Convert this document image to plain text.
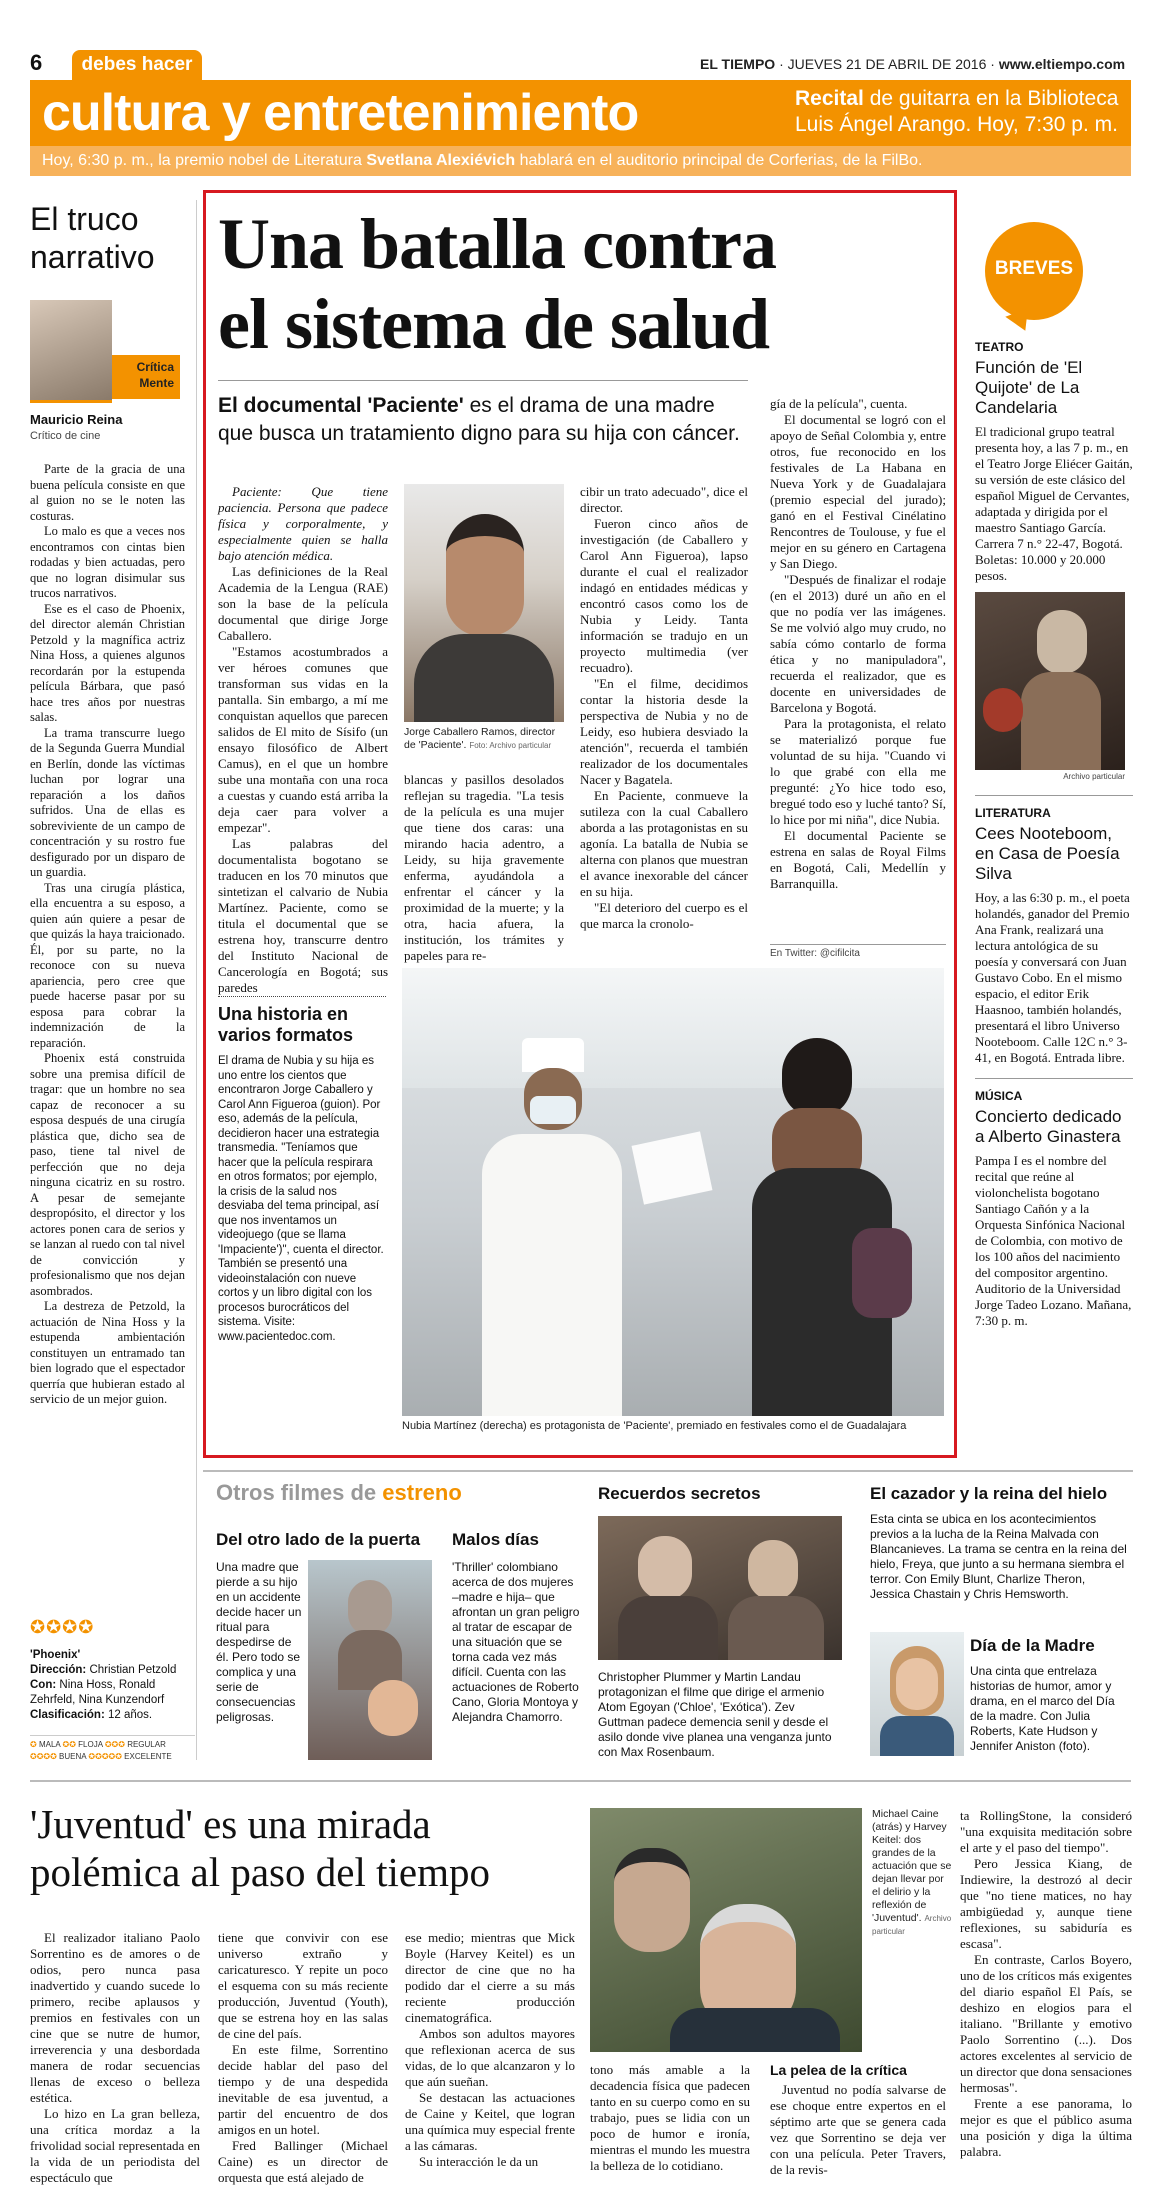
6	debes hacer	EL TIEMPO · JUEVES 21 DE ABRIL DE 2016 · www.eltiempo.com
cultura y entretenimiento	Recital de guitarra en la Biblioteca
Luis Ángel Arango. Hoy, 7:30 p. m.
Hoy, 6:30 p. m., la premio nobel de Literatura Svetlana Alexiévich hablará en el auditorio principal de Corferias, de la FilBo.
El truco
narrativo
Crítica
Mente
Mauricio Reina
Crítico de cine

Parte de la gracia de una buena película consiste en que al guion no se le noten las costuras.

Lo malo es que a veces nos encontramos con cintas bien rodadas y bien actuadas, pero que no logran disimular sus trucos narrativos.

Ese es el caso de Phoenix, del director alemán Christian Petzold y la magnífica actriz Nina Hoss, a quienes algunos recordarán por la estupenda película Bárbara, que pasó hace tres años por nuestras salas.

La trama transcurre luego de la Segunda Guerra Mundial en Berlín, donde las víctimas luchan por lograr una reparación a los daños sufridos. Una de ellas es sobreviviente de un campo de concentración y su rostro fue desfigurado por un disparo de un guardia.

Tras una cirugía plástica, ella encuentra a su esposo, a quien aún quiere a pesar de que quizás la haya traicionado. Él, por su parte, no la reconoce con su nueva apariencia, pero cree que puede hacerse pasar por su esposa para cobrar la indemnización de la reparación.

Phoenix está construida sobre una premisa difícil de tragar: que un hombre no sea capaz de reconocer a su esposa después de una cirugía plástica que, dicho sea de paso, tiene tal nivel de perfección que no deja ninguna cicatriz en su rostro. A pesar de semejante despropósito, el director y los actores ponen cara de serios y se lanzan al ruedo con tal nivel de convicción y profesionalismo que nos dejan asombrados.

La destreza de Petzold, la actuación de Nina Hoss y la estupenda ambientación constituyen un entramado tan bien logrado que el espectador querría que hubieran estado al servicio de un mejor guion.

✪✪✪✪
'Phoenix'
Dirección: Christian Petzold
Con: Nina Hoss, Ronald Zehrfeld, Nina Kunzendorf
Clasificación: 12 años.
✪ MALA ✪✪ FLOJA ✪✪✪ REGULAR
✪✪✪✪ BUENA ✪✪✪✪✪ EXCELENTE
Una batalla contra
el sistema de salud
El documental 'Paciente' es el drama de una madre
que busca un tratamiento digno para su hija con cáncer.

Paciente: Que tiene paciencia. Persona que padece física y corporalmente, y especialmente quien se halla bajo atención médica.

Las definiciones de la Real Academia de la Lengua (RAE) son la base de la película documental que dirige Jorge Caballero.

"Estamos acostumbrados a ver héroes comunes que transforman sus vidas en la pantalla. Sin embargo, a mí me conquistan aquellos que parecen salidos de El mito de Sísifo (un ensayo filosófico de Albert Camus), en el que un hombre sube una montaña con una roca a cuestas y cuando está arriba la deja caer para volver a empezar".

Las palabras del documentalista bogotano se traducen en los 70 minutos que sintetizan el calvario de Nubia Martínez. Paciente, como se titula el documental que se estrena hoy, transcurre dentro del Instituto Nacional de Cancerología en Bogotá; sus paredes

Jorge Caballero Ramos, director de 'Paciente'. Foto: Archivo particular

blancas y pasillos desolados reflejan su tragedia. "La tesis de la película es una mujer que tiene dos caras: una mirando hacia adentro, a Leidy, su hija gravemente enferma, ayudándola a enfrentar el cáncer y la proximidad de la muerte; y la otra, hacia afuera, la institución, los trámites y papeles para re-

cibir un trato adecuado", dice el director.

Fueron cinco años de investigación (de Caballero y Carol Ann Figueroa), lapso durante el cual el realizador indagó en entidades médicas y encontró casos como los de Nubia y Leidy. Tanta información se tradujo en un proyecto multimedia (ver recuadro).

"En el filme, decidimos contar la historia desde la perspectiva de Nubia y no de Leidy, eso hubiera desviado la atención", recuerda el también realizador de los documentales Nacer y Bagatela.

En Paciente, conmueve la sutileza con la cual Caballero aborda a las protagonistas en su agonía. La batalla de Nubia se alterna con planos que muestran el avance inexorable del cáncer en su hija.

"El deterioro del cuerpo es el que marca la cronolo-

gía de la película", cuenta.

El documental se logró con el apoyo de Señal Colombia y, entre otros, fue reconocido en los festivales de La Habana en Nueva York y de Guadalajara (premio especial del jurado); ganó en el Festival Cinélatino Rencontres de Toulouse, y fue el mejor en su género en Cartagena y San Diego.

"Después de finalizar el rodaje (en el 2013) duré un año en el que no podía ver las imágenes. Se me volvió algo muy crudo, no sabía cómo contarlo de forma ética y no manipuladora", recuerda el realizador, que es docente en universidades de Barcelona y Bogotá.

Para la protagonista, el relato se materializó porque fue voluntad de su hija. "Cuando vi lo que grabé con ella me pregunté: ¿Yo hice todo eso, bregué todo eso y luché tanto? Sí, lo hice por mi niña", dice Nubia.

El documental Paciente se estrena en salas de Royal Films en Bogotá, Cali, Medellín y Barranquilla.

En Twitter: @cifilcita
Una historia en
varios formatos
El drama de Nubia y su hija es uno entre los cientos que encontraron Jorge Caballero y Carol Ann Figueroa (guion). Por eso, además de la película, decidieron hacer una estrategia transmedia. "Teníamos que hacer que la película respirara en otros formatos; por ejemplo, la crisis de la salud nos desviaba del tema principal, así que nos inventamos un videojuego (que se llama 'Impaciente')", cuenta el director. También se presentó una videoinstalación con nueve cortos y un libro digital con los procesos burocráticos del sistema. Visite: www.pacientedoc.com.
Nubia Martínez (derecha) es protagonista de 'Paciente', premiado en festivales como el de Guadalajara
BREVES
TEATRO
Función de 'El Quijote' de La Candelaria
El tradicional grupo teatral presenta hoy, a las 7 p. m., en el Teatro Jorge Eliécer Gaitán, su versión de este clásico del español Miguel de Cervantes, adaptada y dirigida por el maestro Santiago García. Carrera 7 n.° 22-47, Bogotá. Boletas: 10.000 y 20.000 pesos.
Archivo particular
LITERATURA
Cees Nooteboom, en Casa de Poesía Silva
Hoy, a las 6:30 p. m., el poeta holandés, ganador del Premio Ana Frank, realizará una lectura antológica de su poesía y conversará con Juan Gustavo Cobo. En el mismo espacio, el editor Erik Haasnoo, también holandés, presentará el libro Universo Nooteboom. Calle 12C n.° 3-41, en Bogotá. Entrada libre.
MÚSICA
Concierto dedicado a Alberto Ginastera
Pampa I es el nombre del recital que reúne al violonchelista bogotano Santiago Cañón y a la Orquesta Sinfónica Nacional de Colombia, con motivo de los 100 años del nacimiento del compositor argentino. Auditorio de la Universidad Jorge Tadeo Lozano. Mañana, 7:30 p. m.
Otros filmes de estreno
Del otro lado de la puerta
Una madre que pierde a su hijo en un accidente decide hacer un ritual para despedirse de él. Pero todo se complica y una serie de consecuencias peligrosas.
Malos días
'Thriller' colombiano acerca de dos mujeres –madre e hija– que afrontan un gran peligro al tratar de escapar de una situación que se torna cada vez más difícil. Cuenta con las actuaciones de Roberto Cano, Gloria Montoya y Alejandra Chamorro.
Recuerdos secretos
Christopher Plummer y Martin Landau protagonizan el filme que dirige el armenio Atom Egoyan ('Chloe', 'Exótica'). Zev Guttman padece demencia senil y desde el asilo donde vive planea una venganza junto con Max Rosenbaum.
El cazador y la reina del hielo
Esta cinta se ubica en los acontecimientos previos a la lucha de la Reina Malvada con Blancanieves. La trama se centra en la reina del hielo, Freya, que junto a su hermana siembra el terror. Con Emily Blunt, Charlize Theron, Jessica Chastain y Chris Hemsworth.
Día de la Madre
Una cinta que entrelaza historias de humor, amor y drama, en el marco del Día de la madre. Con Julia Roberts, Kate Hudson y Jennifer Aniston (foto).
'Juventud' es una mirada
polémica al paso del tiempo

El realizador italiano Paolo Sorrentino es de amores o de odios, pero nunca pasa inadvertido y cuando sucede lo primero, recibe aplausos y premios en festivales con un cine que se nutre de humor, irreverencia y una desbordada manera de rodar secuencias llenas de exceso o belleza estética.

Lo hizo en La gran belleza, una crítica mordaz a la frivolidad social representada en la vida de un periodista del espectáculo que

tiene que convivir con ese universo extraño y caricaturesco. Y repite un poco el esquema con su más reciente producción, Juventud (Youth), que se estrena hoy en las salas de cine del país.

En este filme, Sorrentino decide hablar del paso del tiempo y de una despedida inevitable de esa juventud, a partir del encuentro de dos amigos en un hotel.

Fred Ballinger (Michael Caine) es un director de orquesta que está alejado de

ese medio; mientras que Mick Boyle (Harvey Keitel) es un director de cine que no ha podido dar el cierre a su más reciente producción cinematográfica.

Ambos son adultos mayores que reflexionan acerca de sus vidas, de lo que alcanzaron y lo que aún sueñan.

Se destacan las actuaciones de Caine y Keitel, que logran una química muy especial frente a las cámaras.

Su interacción le da un

Michael Caine (atrás) y Harvey Keitel: dos grandes de la actuación que se dejan llevar por el delirio y la reflexión de 'Juventud'. Archivo particular

tono más amable a la decadencia física que padecen tanto en su cuerpo como en su trabajo, pues se lidia con un poco de humor e ironía, mientras el mundo les muestra la belleza de lo cotidiano.

La pelea de la crítica
Juventud no podía salvarse de ese choque entre expertos en el séptimo arte que se genera cada vez que Sorrentino se deja ver con una película. Peter Travers, de la revis-

ta RollingStone, la consideró "una exquisita meditación sobre el arte y el paso del tiempo".

Pero Jessica Kiang, de Indiewire, la destrozó al decir que "no tiene matices, no hay ambigüedad y, aunque tiene reflexiones, su sabiduría es escasa".

En contraste, Carlos Boyero, uno de los críticos más exigentes del diario español El País, se deshizo en elogios para el italiano. "Brillante y emotivo Paolo Sorrentino (...). Dos actores excelentes al servicio de un director que dona sensaciones hermosas".

Frente a ese panorama, lo mejor es que el público asuma una posición y diga la última palabra.
